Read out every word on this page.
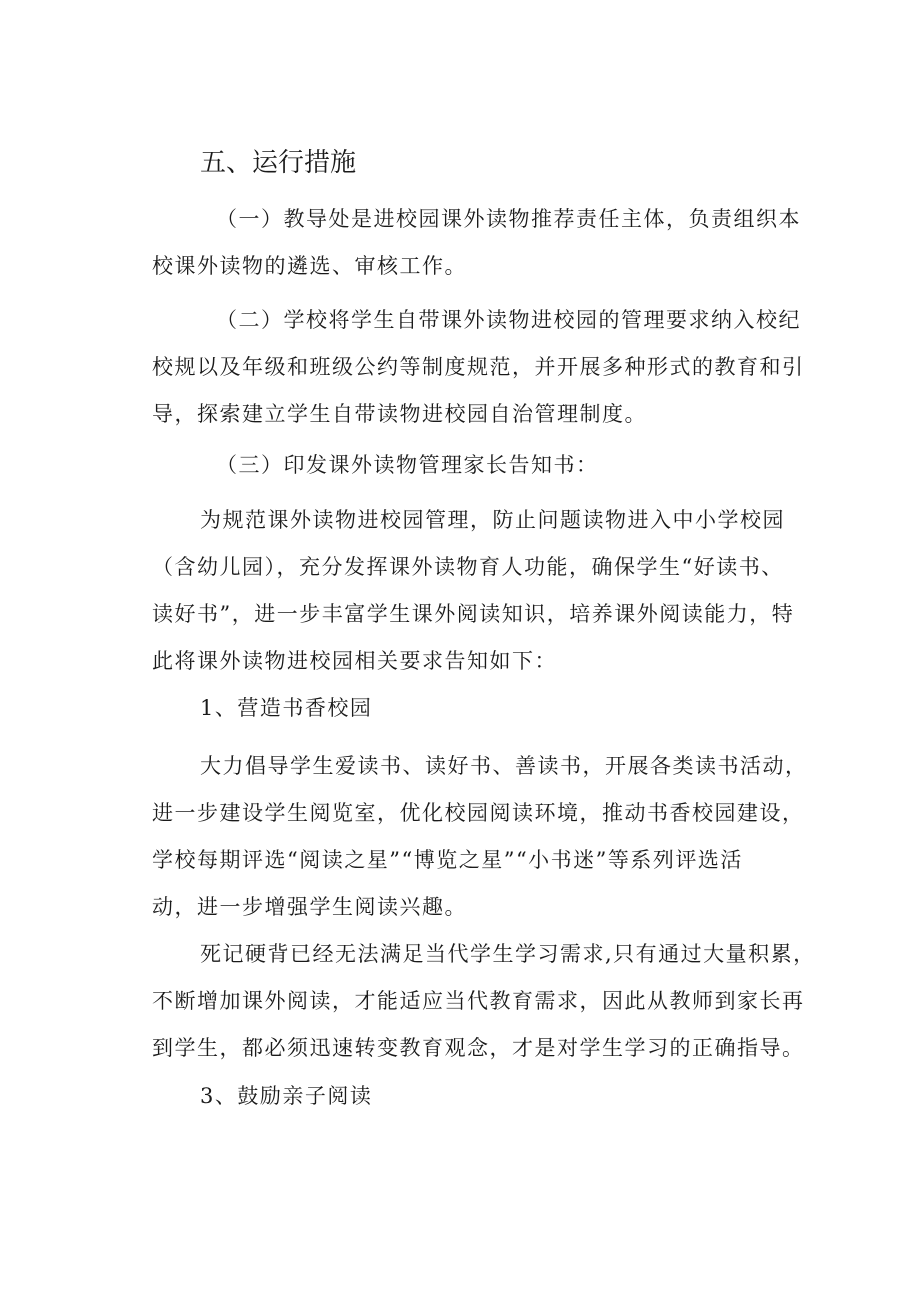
五、运行措施

（一）教导处是进校园课外读物推荐责任主体，负责组织本
校课外读物的遴选、审核工作。

（二）学校将学生自带课外读物进校园的管理要求纳入校纪
校规以及年级和班级公约等制度规范，并开展多种形式的教育和引
导，探索建立学生自带读物进校园自治管理制度。

（三）印发课外读物管理家长告知书：

为规范课外读物进校园管理，防止问题读物进入中小学校园
（含幼儿园），充分发挥课外读物育人功能，确保学生“好读书、
读好书”，进一步丰富学生课外阅读知识，培养课外阅读能力，特
此将课外读物进校园相关要求告知如下：

1、营造书香校园

大力倡导学生爱读书、读好书、善读书，开展各类读书活动，
进一步建设学生阅览室，优化校园阅读环境，推动书香校园建设，
学校每期评选“阅读之星”“博览之星”“小书迷”等系列评选活
动，进一步增强学生阅读兴趣。

死记硬背已经无法满足当代学生学习需求,只有通过大量积累，
不断增加课外阅读，才能适应当代教育需求，因此从教师到家长再
到学生，都必须迅速转变教育观念，才是对学生学习的正确指导。

3、鼓励亲子阅读
